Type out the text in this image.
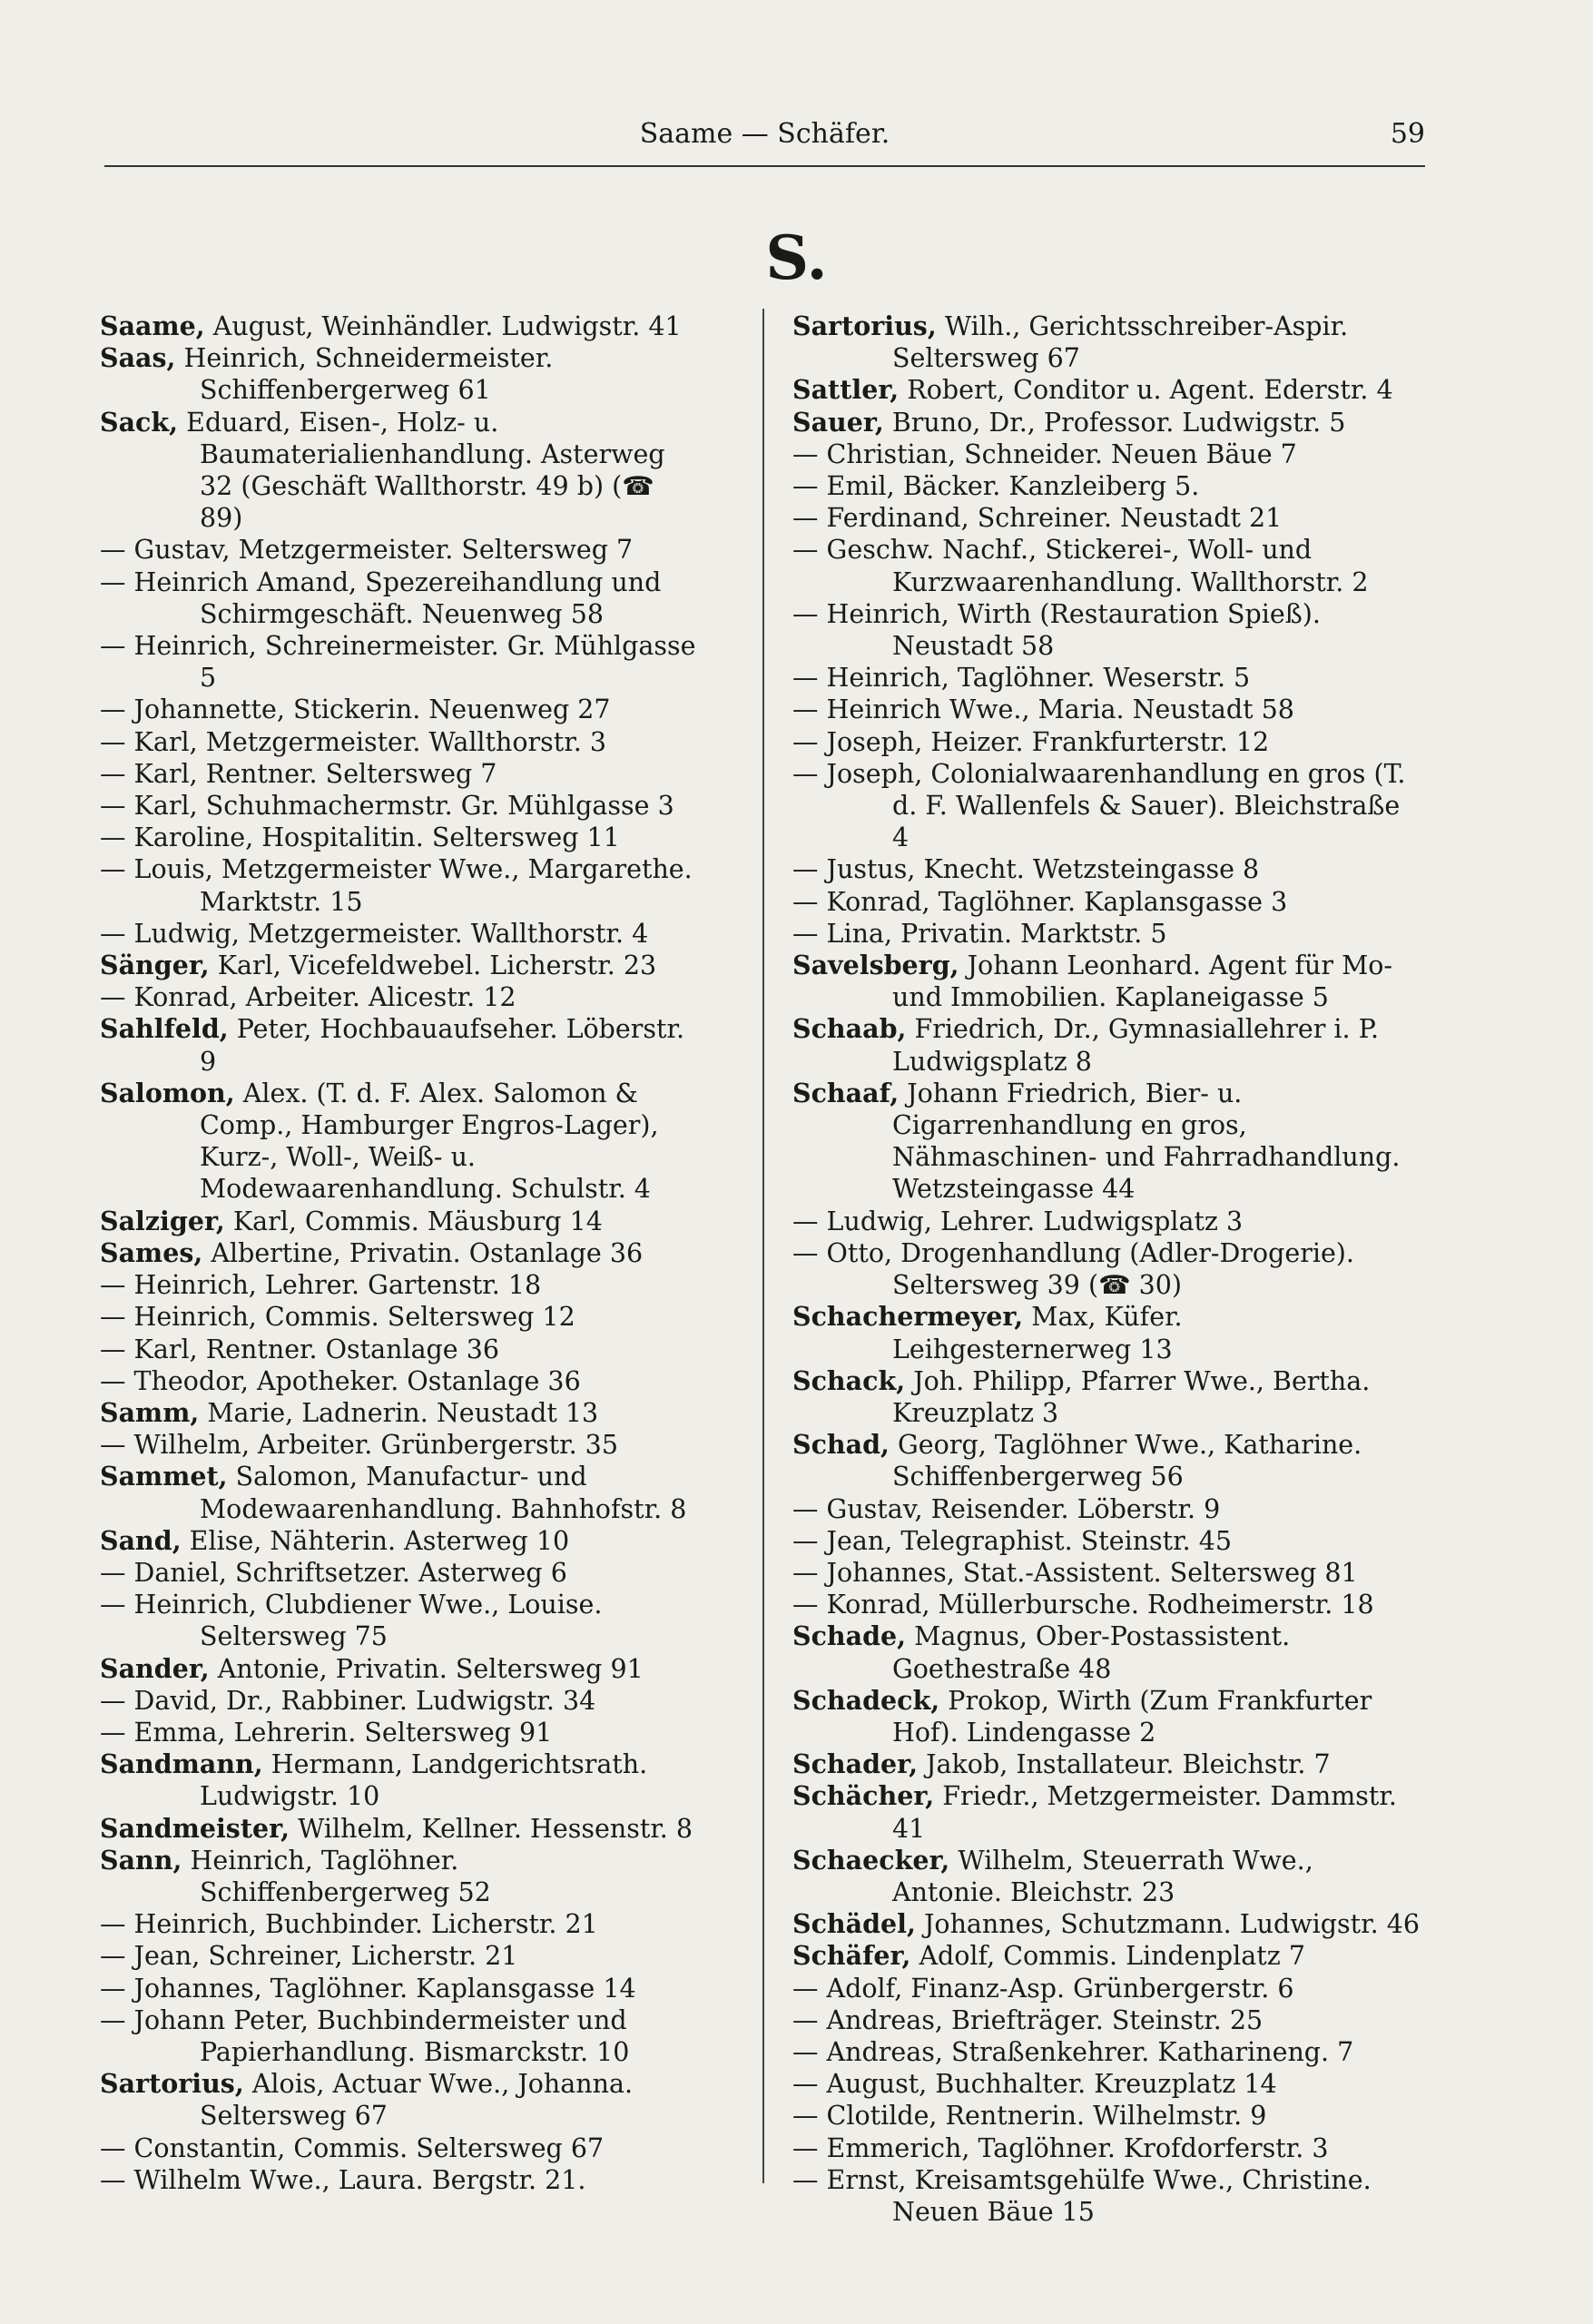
Saame — Schäfer.	59
S.
Saame, August, Weinhändler. Ludwigstr. 41
Saas, Heinrich, Schneidermeister. Schiffenbergerweg 61
Sack, Eduard, Eisen-, Holz- u. Baumaterialienhandlung. Asterweg 32 (Geschäft Wallthorstr. 49 b) (☎ 89)
— Gustav, Metzgermeister. Seltersweg 7
— Heinrich Amand, Spezereihandlung und Schirmgeschäft. Neuenweg 58
— Heinrich, Schreinermeister. Gr. Mühlgasse 5
— Johannette, Stickerin. Neuenweg 27
— Karl, Metzgermeister. Wallthorstr. 3
— Karl, Rentner. Seltersweg 7
— Karl, Schuhmachermstr. Gr. Mühlgasse 3
— Karoline, Hospitalitin. Seltersweg 11
— Louis, Metzgermeister Wwe., Margarethe. Marktstr. 15
— Ludwig, Metzgermeister. Wallthorstr. 4
Sänger, Karl, Vicefeldwebel. Licherstr. 23
— Konrad, Arbeiter. Alicestr. 12
Sahlfeld, Peter, Hochbauaufseher. Löberstr. 9
Salomon, Alex. (T. d. F. Alex. Salomon & Comp., Hamburger Engros-Lager), Kurz-, Woll-, Weiß- u. Modewaarenhandlung. Schulstr. 4
Salziger, Karl, Commis. Mäusburg 14
Sames, Albertine, Privatin. Ostanlage 36
— Heinrich, Lehrer. Gartenstr. 18
— Heinrich, Commis. Seltersweg 12
— Karl, Rentner. Ostanlage 36
— Theodor, Apotheker. Ostanlage 36
Samm, Marie, Ladnerin. Neustadt 13
— Wilhelm, Arbeiter. Grünbergerstr. 35
Sammet, Salomon, Manufactur- und Modewaarenhandlung. Bahnhofstr. 8
Sand, Elise, Nähterin. Asterweg 10
— Daniel, Schriftsetzer. Asterweg 6
— Heinrich, Clubdiener Wwe., Louise. Seltersweg 75
Sander, Antonie, Privatin. Seltersweg 91
— David, Dr., Rabbiner. Ludwigstr. 34
— Emma, Lehrerin. Seltersweg 91
Sandmann, Hermann, Landgerichtsrath. Ludwigstr. 10
Sandmeister, Wilhelm, Kellner. Hessenstr. 8
Sann, Heinrich, Taglöhner. Schiffenbergerweg 52
— Heinrich, Buchbinder. Licherstr. 21
— Jean, Schreiner, Licherstr. 21
— Johannes, Taglöhner. Kaplansgasse 14
— Johann Peter, Buchbindermeister und Papierhandlung. Bismarckstr. 10
Sartorius, Alois, Actuar Wwe., Johanna. Seltersweg 67
— Constantin, Commis. Seltersweg 67
— Wilhelm Wwe., Laura. Bergstr. 21.
Sartorius, Wilh., Gerichtsschreiber-Aspir. Seltersweg 67
Sattler, Robert, Conditor u. Agent. Ederstr. 4
Sauer, Bruno, Dr., Professor. Ludwigstr. 5
— Christian, Schneider. Neuen Bäue 7
— Emil, Bäcker. Kanzleiberg 5.
— Ferdinand, Schreiner. Neustadt 21
— Geschw. Nachf., Stickerei-, Woll- und Kurzwaarenhandlung. Wallthorstr. 2
— Heinrich, Wirth (Restauration Spieß). Neustadt 58
— Heinrich, Taglöhner. Weserstr. 5
— Heinrich Wwe., Maria. Neustadt 58
— Joseph, Heizer. Frankfurterstr. 12
— Joseph, Colonialwaarenhandlung en gros (T. d. F. Wallenfels & Sauer). Bleichstraße 4
— Justus, Knecht. Wetzsteingasse 8
— Konrad, Taglöhner. Kaplansgasse 3
— Lina, Privatin. Marktstr. 5
Savelsberg, Johann Leonhard. Agent für Mo- und Immobilien. Kaplaneigasse 5
Schaab, Friedrich, Dr., Gymnasiallehrer i. P. Ludwigsplatz 8
Schaaf, Johann Friedrich, Bier- u. Cigarrenhandlung en gros, Nähmaschinen- und Fahrradhandlung. Wetzsteingasse 44
— Ludwig, Lehrer. Ludwigsplatz 3
— Otto, Drogenhandlung (Adler-Drogerie). Seltersweg 39 (☎ 30)
Schachermeyer, Max, Küfer. Leihgesternerweg 13
Schack, Joh. Philipp, Pfarrer Wwe., Bertha. Kreuzplatz 3
Schad, Georg, Taglöhner Wwe., Katharine. Schiffenbergerweg 56
— Gustav, Reisender. Löberstr. 9
— Jean, Telegraphist. Steinstr. 45
— Johannes, Stat.-Assistent. Seltersweg 81
— Konrad, Müllerbursche. Rodheimerstr. 18
Schade, Magnus, Ober-Postassistent. Goethestraße 48
Schadeck, Prokop, Wirth (Zum Frankfurter Hof). Lindengasse 2
Schader, Jakob, Installateur. Bleichstr. 7
Schächer, Friedr., Metzgermeister. Dammstr. 41
Schaecker, Wilhelm, Steuerrath Wwe., Antonie. Bleichstr. 23
Schädel, Johannes, Schutzmann. Ludwigstr. 46
Schäfer, Adolf, Commis. Lindenplatz 7
— Adolf, Finanz-Asp. Grünbergerstr. 6
— Andreas, Briefträger. Steinstr. 25
— Andreas, Straßenkehrer. Katharineng. 7
— August, Buchhalter. Kreuzplatz 14
— Clotilde, Rentnerin. Wilhelmstr. 9
— Emmerich, Taglöhner. Krofdorferstr. 3
— Ernst, Kreisamtsgehülfe Wwe., Christine. Neuen Bäue 15
